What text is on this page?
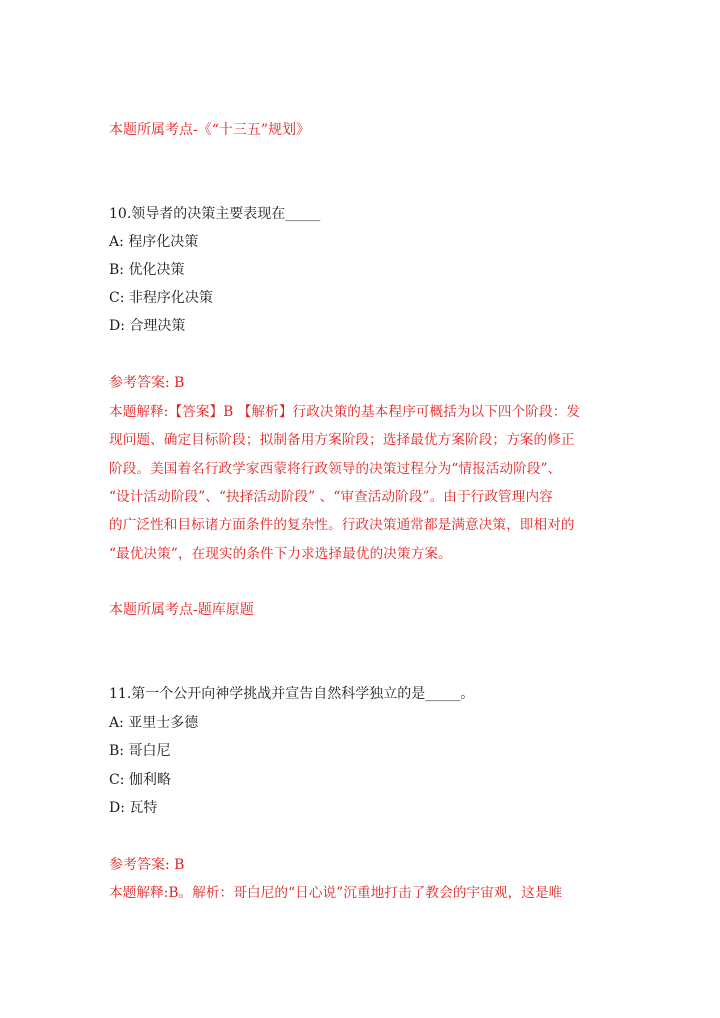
本题所属考点-《“十三五”规划》
10.领导者的决策主要表现在_____
A: 程序化决策
B: 优化决策
C: 非程序化决策
D: 合理决策
参考答案: B
本题解释:【答案】B 【解析】行政决策的基本程序可概括为以下四个阶段：发
现问题、确定目标阶段；拟制备用方案阶段；选择最优方案阶段；方案的修正
阶段。美国着名行政学家西蒙将行政领导的决策过程分为“情报活动阶段”、
“设计活动阶段”、“抉择活动阶段” 、“审查活动阶段”。由于行政管理内容
的广泛性和目标诸方面条件的复杂性。行政决策通常都是满意决策，即相对的
“最优决策”，在现实的条件下力求选择最优的决策方案。
本题所属考点-题库原题
11.第一个公开向神学挑战并宣告自然科学独立的是_____。
A: 亚里士多德
B: 哥白尼
C: 伽利略
D: 瓦特
参考答案: B
本题解释:B。解析：哥白尼的“日心说”沉重地打击了教会的宇宙观，这是唯
